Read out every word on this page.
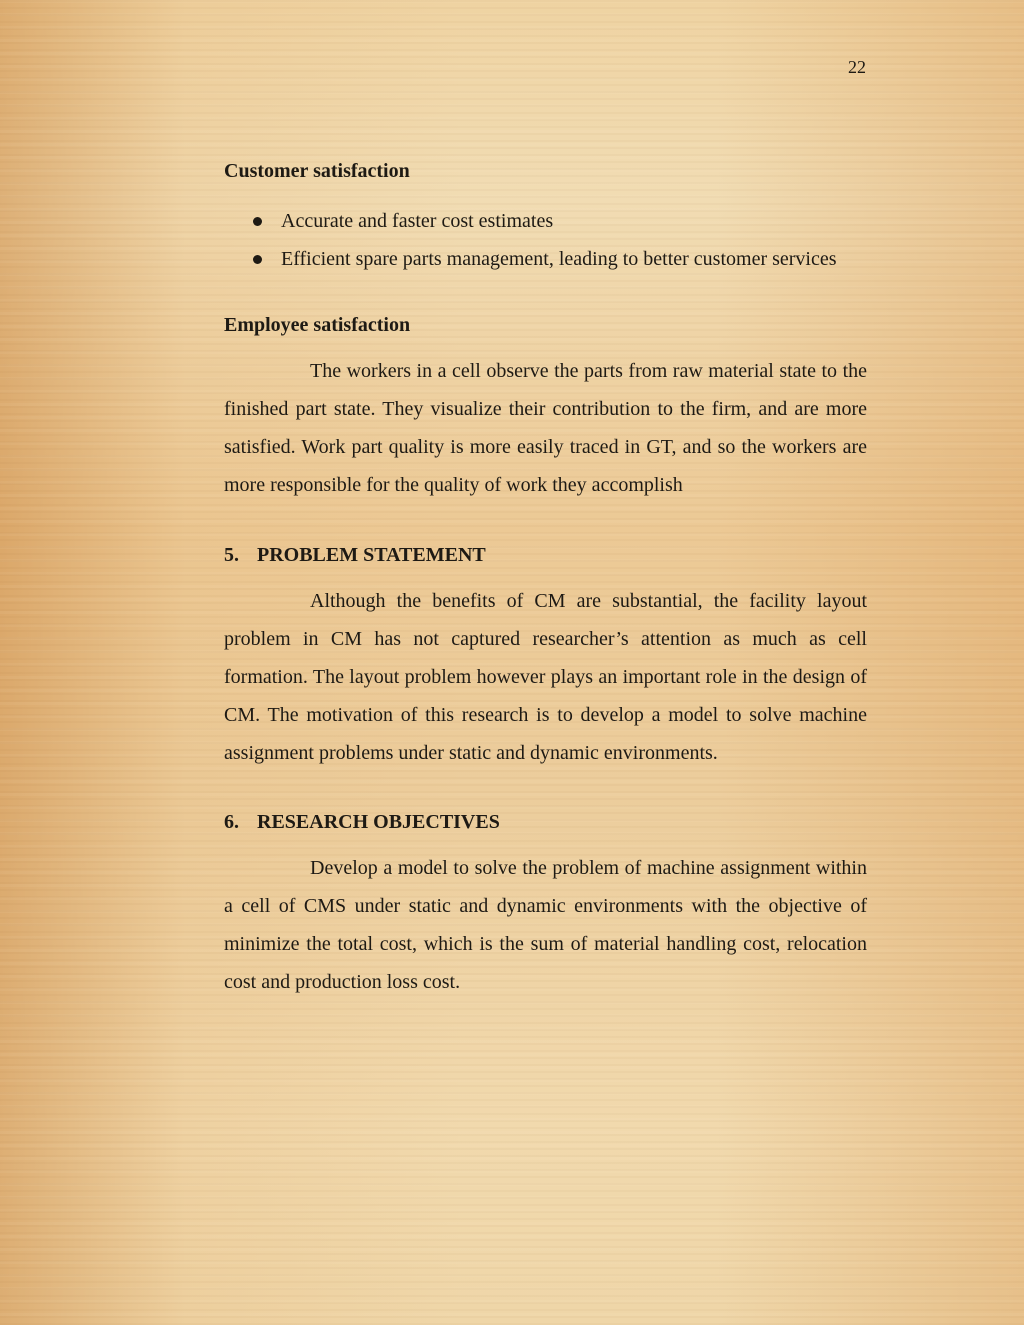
22
Customer satisfaction
Accurate and faster cost estimates
Efficient spare parts management, leading to better customer services
Employee satisfaction

The workers in a cell observe the parts from raw material state to the finished part state. They visualize their contribution to the firm, and are more satisfied. Work part quality is more easily traced in GT, and so the workers are more responsible for the quality of work they accomplish

5. PROBLEM STATEMENT

Although the benefits of CM are substantial, the facility layout problem in CM has not captured researcher’s attention as much as cell formation. The layout problem however plays an important role in the design of CM. The motivation of this research is to develop a model to solve machine assignment problems under static and dynamic environments.

6. RESEARCH OBJECTIVES

Develop a model to solve the problem of machine assignment within a cell of CMS under static and dynamic environments with the objective of minimize the total cost, which is the sum of material handling cost, relocation cost and production loss cost.
